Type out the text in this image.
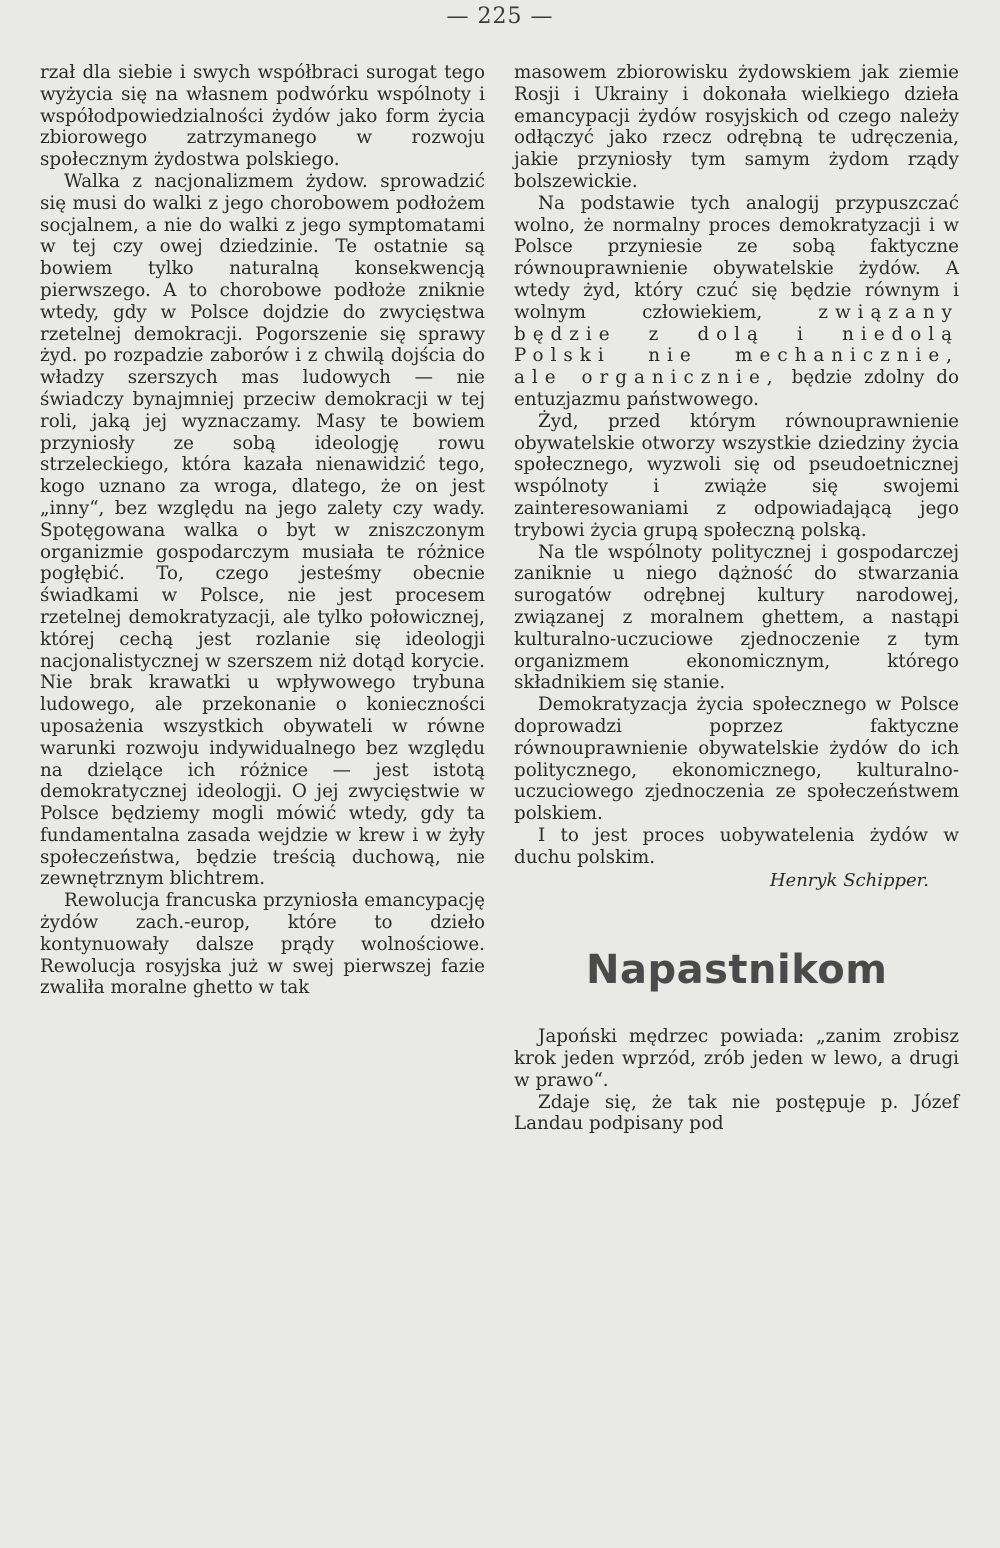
— 225 —

rzał dla siebie i swych współbraci surogat tego wyżycia się na własnem podwórku wspólnoty i współodpowiedzialności żydów jako form życia zbiorowego zatrzymanego w rozwoju społecznym żydostwa polskiego.

Walka z nacjonalizmem żydow. sprowadzić się musi do walki z jego chorobowem podłożem socjalnem, a nie do walki z jego symptomatami w tej czy owej dziedzinie. Te ostatnie są bowiem tylko naturalną konsekwencją pierwszego. A to chorobowe podłoże zniknie wtedy, gdy w Polsce dojdzie do zwycięstwa rzetelnej demokracji. Pogorszenie się sprawy żyd. po rozpadzie zaborów i z chwilą dojścia do władzy szerszych mas ludowych — nie świadczy bynajmniej przeciw demokracji w tej roli, jaką jej wyznaczamy. Masy te bowiem przyniosły ze sobą ideologję rowu strzeleckiego, która kazała nienawidzić tego, kogo uznano za wroga, dlatego, że on jest „inny“, bez względu na jego zalety czy wady. Spotęgowana walka o byt w zniszczonym organizmie gospodarczym musiała te różnice pogłębić. To, czego jesteśmy obecnie świadkami w Polsce, nie jest procesem rzetelnej demokratyzacji, ale tylko połowicznej, której cechą jest rozlanie się ideologji nacjonalistycznej w szerszem niż dotąd korycie. Nie brak krawatki u wpływowego trybuna ludowego, ale przekonanie o konieczności uposażenia wszystkich obywateli w równe warunki rozwoju indywidualnego bez względu na dzielące ich różnice — jest istotą demokratycznej ideologji. O jej zwycięstwie w Polsce będziemy mogli mówić wtedy, gdy ta fundamentalna zasada wejdzie w krew i w żyły społeczeństwa, będzie treścią duchową, nie zewnętrznym blichtrem.

Rewolucja francuska przyniosła emancypację żydów zach.-europ, które to dzieło kontynuowały dalsze prądy wolnościowe. Rewolucja rosyjska już w swej pierwszej fazie zwaliła moralne ghetto w tak

masowem zbiorowisku żydowskiem jak ziemie Rosji i Ukrainy i dokonała wielkiego dzieła emancypacji żydów rosyjskich od czego należy odłączyć jako rzecz odrębną te udręczenia, jakie przyniosły tym samym żydom rządy bolszewickie.

Na podstawie tych analogij przypuszczać wolno, że normalny proces demokratyzacji i w Polsce przyniesie ze sobą faktyczne równouprawnienie obywatelskie żydów. A wtedy żyd, który czuć się będzie równym i wolnym człowiekiem,	związany będzie z dolą i niedolą Polski nie mechanicznie, ale organicznie, będzie zdolny do entuzjazmu państwowego.

Żyd, przed którym równouprawnienie obywatelskie otworzy wszystkie dziedziny życia społecznego, wyzwoli się od pseudoetnicznej wspólnoty i zwiąże się swojemi zainteresowaniami z odpowiadającą jego trybowi życia grupą społeczną polską.

Na tle wspólnoty politycznej i gospodarczej zaniknie u niego dążność do stwarzania surogatów odrębnej kultury narodowej, związanej z moralnem ghettem, a nastąpi kulturalno-uczuciowe zjednoczenie z tym organizmem ekonomicznym, którego składnikiem się stanie.

Demokratyzacja życia społecznego w Polsce doprowadzi poprzez faktyczne równouprawnienie obywatelskie żydów do ich politycznego, ekonomicznego, kulturalno-uczuciowego zjednoczenia ze społeczeństwem polskiem.

I to jest proces uobywatelenia żydów w duchu polskim.

Henryk Schipper.
Napastnikom

Japoński mędrzec powiada: „zanim zrobisz krok jeden wprzód, zrób jeden w lewo, a drugi w prawo“.

Zdaje się, że tak nie postępuje p. Józef Landau podpisany pod
